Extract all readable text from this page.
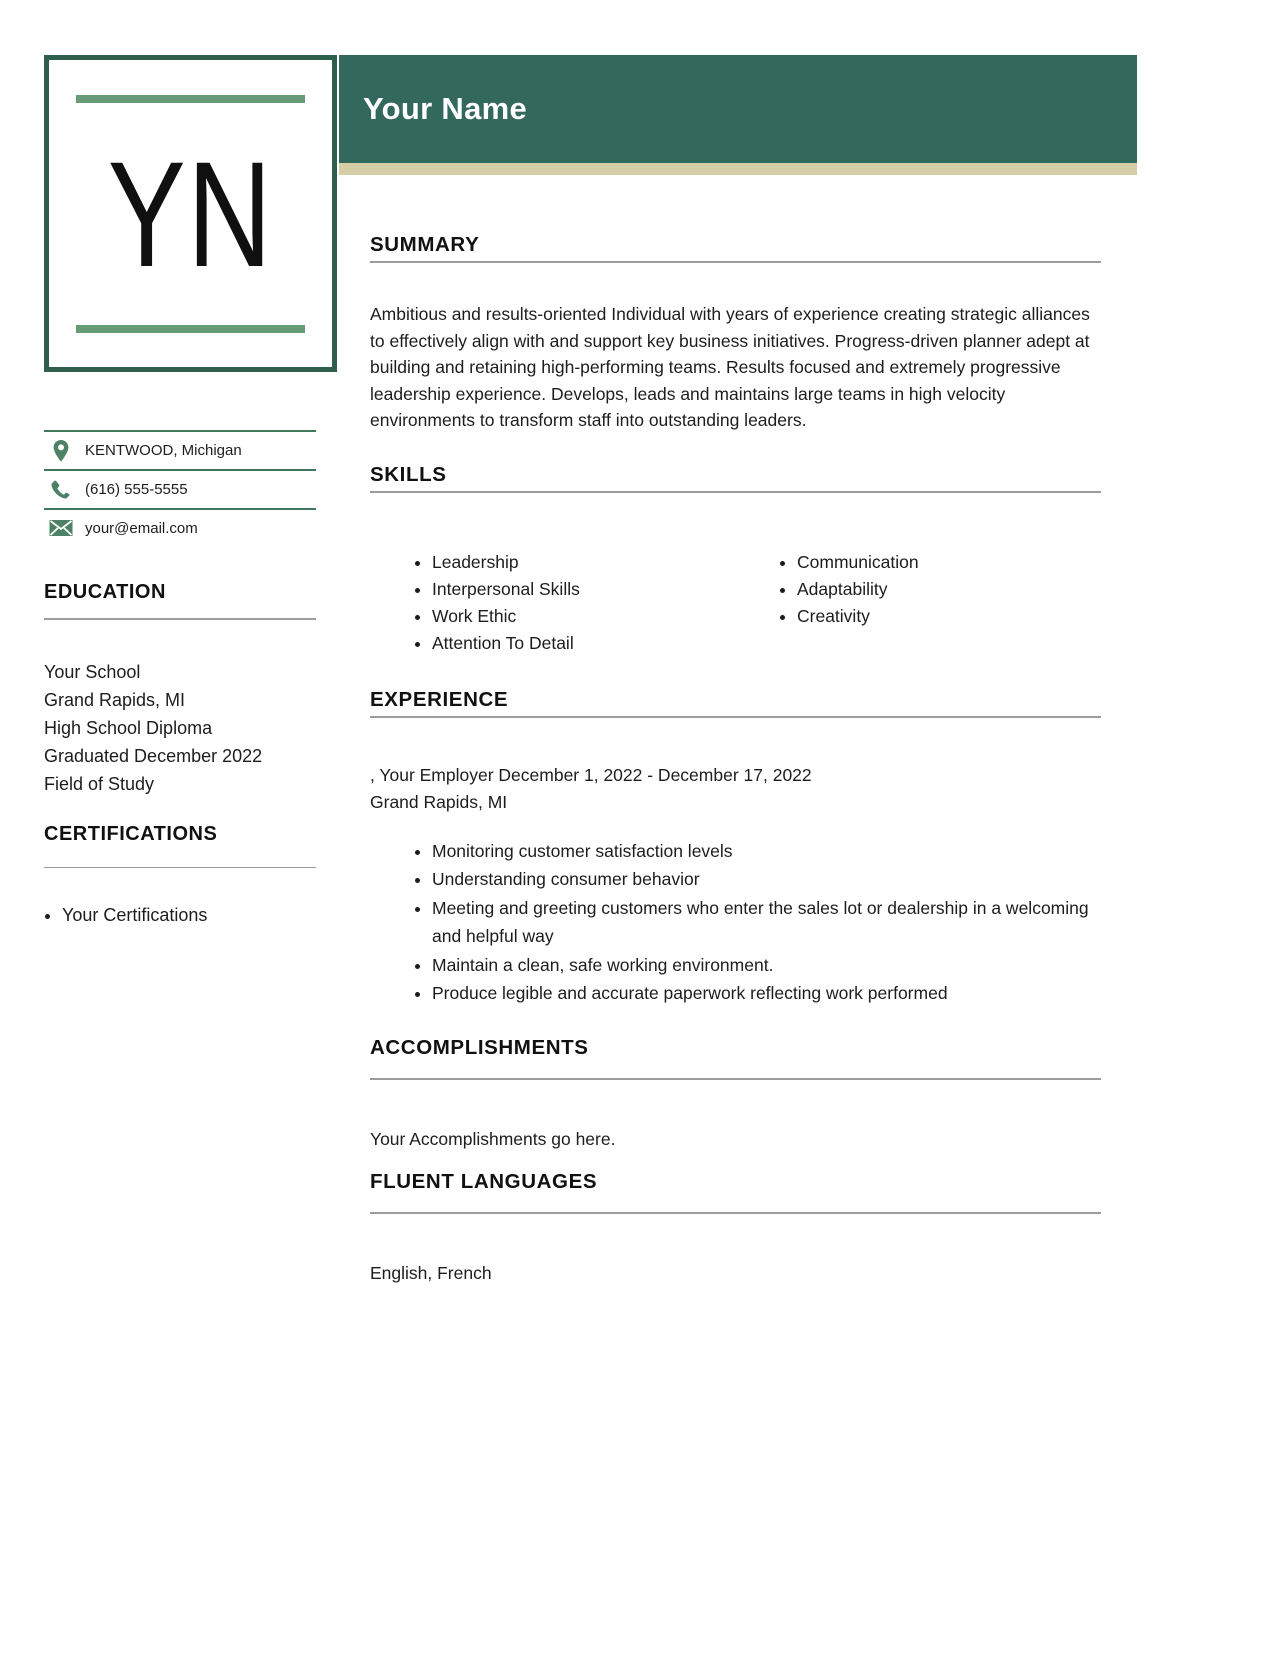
YN
Your Name
KENTWOOD, Michigan
(616) 555-5555
your@email.com
EDUCATION
Your School
Grand Rapids, MI
High School Diploma
Graduated December 2022
Field of Study
CERTIFICATIONS
• Your Certifications
SUMMARY

Ambitious and results-oriented Individual with years of experience creating strategic alliances to effectively align with and support key business initiatives. Progress-driven planner adept at building and retaining high-performing teams. Results focused and extremely progressive leadership experience. Develops, leads and maintains large teams in high velocity environments to transform staff into outstanding leaders.

SKILLS
• Leadership
• Interpersonal Skills
• Work Ethic
• Attention To Detail
• Communication
• Adaptability
• Creativity
EXPERIENCE
, Your Employer December 1, 2022 - December 17, 2022
Grand Rapids, MI
• Monitoring customer satisfaction levels
• Understanding consumer behavior
• Meeting and greeting customers who enter the sales lot or dealership in a welcoming and helpful way
• Maintain a clean, safe working environment.
• Produce legible and accurate paperwork reflecting work performed
ACCOMPLISHMENTS

Your Accomplishments go here.

FLUENT LANGUAGES

English, French
